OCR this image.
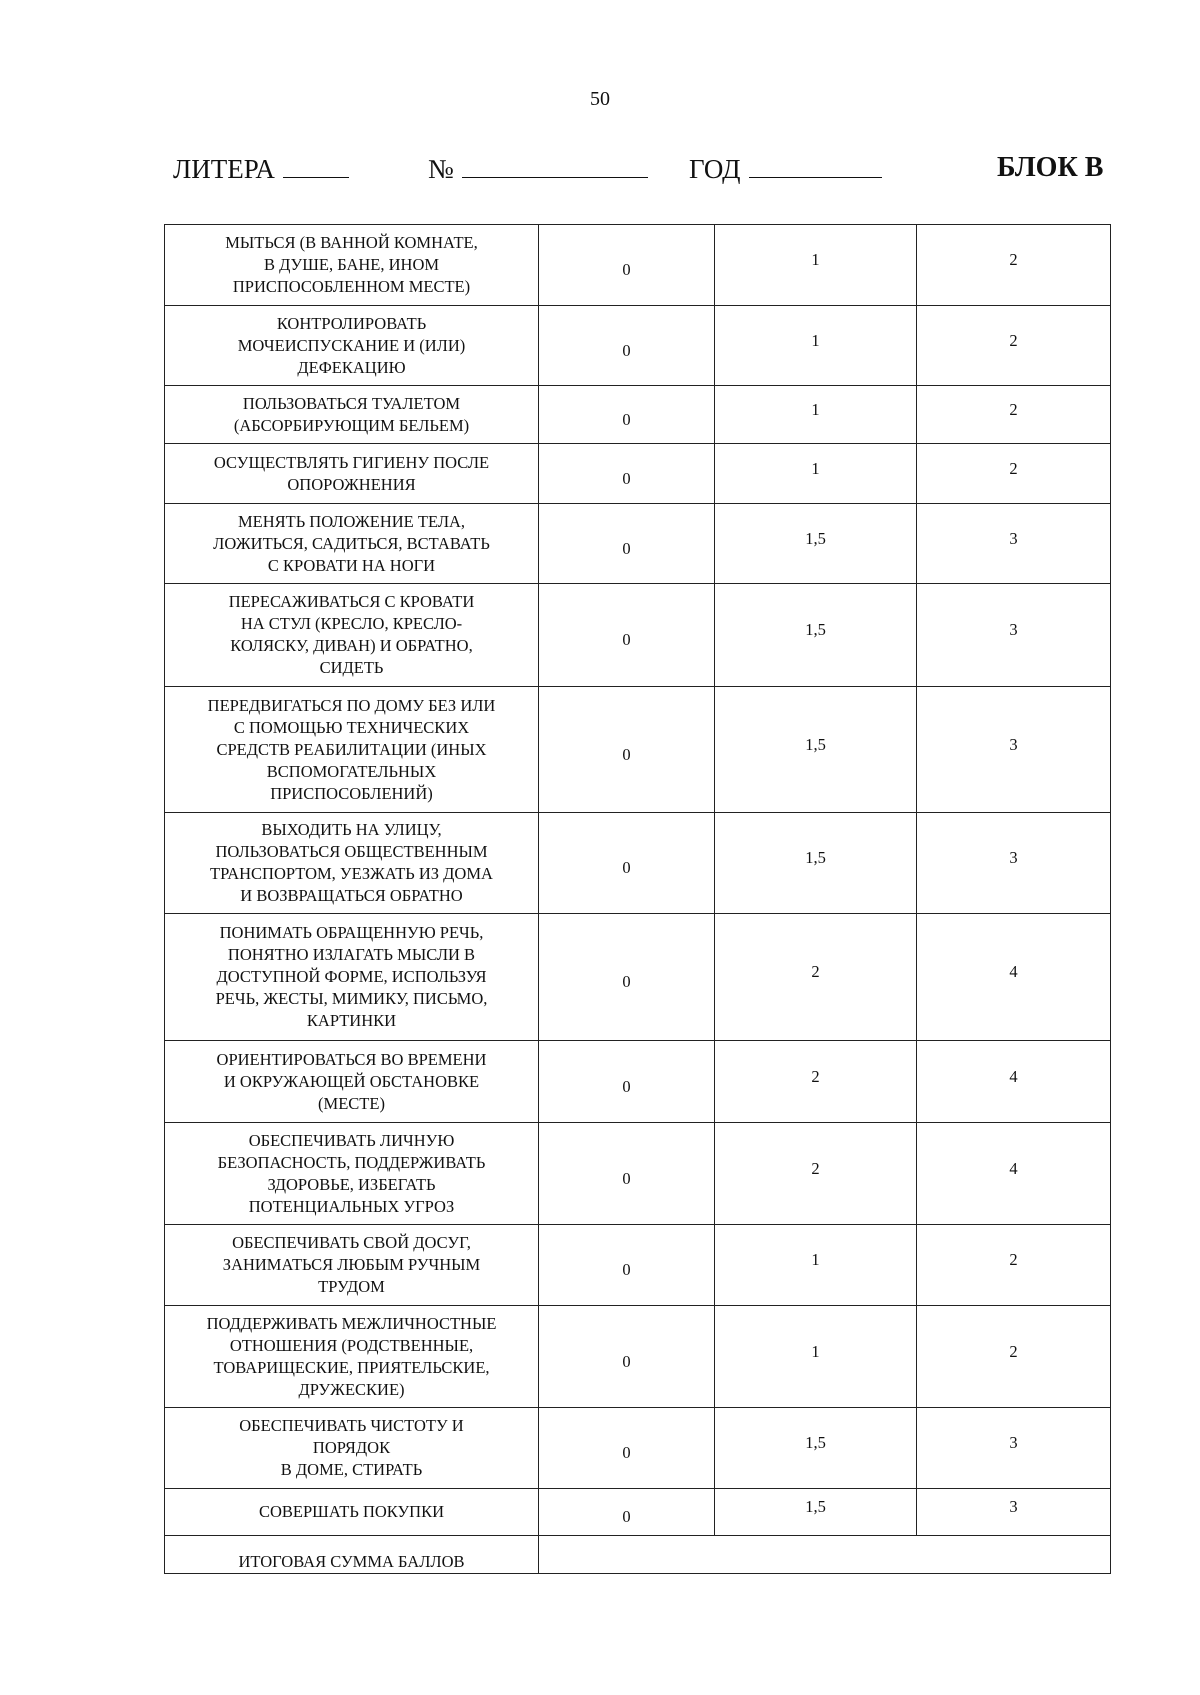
50
ЛИТЕРА	№	ГОД	БЛОК В
МЫТЬСЯ (В ВАННОЙ КОМНАТЕ,
В ДУШЕ, БАНЕ, ИНОМ
ПРИСПОСОБЛЕННОМ МЕСТЕ)	0	1	2
КОНТРОЛИРОВАТЬ
МОЧЕИСПУСКАНИЕ И (ИЛИ)
ДЕФЕКАЦИЮ	0	1	2
ПОЛЬЗОВАТЬСЯ ТУАЛЕТОМ
(АБСОРБИРУЮЩИМ БЕЛЬЕМ)	0	1	2
ОСУЩЕСТВЛЯТЬ ГИГИЕНУ ПОСЛЕ
ОПОРОЖНЕНИЯ	0	1	2
МЕНЯТЬ ПОЛОЖЕНИЕ ТЕЛА,
ЛОЖИТЬСЯ, САДИТЬСЯ, ВСТАВАТЬ
С КРОВАТИ НА НОГИ	0	1,5	3
ПЕРЕСАЖИВАТЬСЯ С КРОВАТИ
НА СТУЛ (КРЕСЛО, КРЕСЛО-
КОЛЯСКУ, ДИВАН) И ОБРАТНО,
СИДЕТЬ	0	1,5	3
ПЕРЕДВИГАТЬСЯ ПО ДОМУ БЕЗ ИЛИ
С ПОМОЩЬЮ ТЕХНИЧЕСКИХ
СРЕДСТВ РЕАБИЛИТАЦИИ (ИНЫХ
ВСПОМОГАТЕЛЬНЫХ
ПРИСПОСОБЛЕНИЙ)	0	1,5	3
ВЫХОДИТЬ НА УЛИЦУ,
ПОЛЬЗОВАТЬСЯ ОБЩЕСТВЕННЫМ
ТРАНСПОРТОМ, УЕЗЖАТЬ ИЗ ДОМА
И ВОЗВРАЩАТЬСЯ ОБРАТНО	0	1,5	3
ПОНИМАТЬ ОБРАЩЕННУЮ РЕЧЬ,
ПОНЯТНО ИЗЛАГАТЬ МЫСЛИ В
ДОСТУПНОЙ ФОРМЕ, ИСПОЛЬЗУЯ
РЕЧЬ, ЖЕСТЫ, МИМИКУ, ПИСЬМО,
КАРТИНКИ	0	2	4
ОРИЕНТИРОВАТЬСЯ ВО ВРЕМЕНИ
И ОКРУЖАЮЩЕЙ ОБСТАНОВКЕ
(МЕСТЕ)	0	2	4
ОБЕСПЕЧИВАТЬ ЛИЧНУЮ
БЕЗОПАСНОСТЬ, ПОДДЕРЖИВАТЬ
ЗДОРОВЬЕ, ИЗБЕГАТЬ
ПОТЕНЦИАЛЬНЫХ УГРОЗ	0	2	4
ОБЕСПЕЧИВАТЬ СВОЙ ДОСУГ,
ЗАНИМАТЬСЯ ЛЮБЫМ РУЧНЫМ
ТРУДОМ	0	1	2
ПОДДЕРЖИВАТЬ МЕЖЛИЧНОСТНЫЕ
ОТНОШЕНИЯ (РОДСТВЕННЫЕ,
ТОВАРИЩЕСКИЕ, ПРИЯТЕЛЬСКИЕ,
ДРУЖЕСКИЕ)	0	1	2
ОБЕСПЕЧИВАТЬ ЧИСТОТУ И
ПОРЯДОК
В ДОМЕ, СТИРАТЬ	0	1,5	3
СОВЕРШАТЬ ПОКУПКИ	0	1,5	3
ИТОГОВАЯ СУММА БАЛЛОВ			
